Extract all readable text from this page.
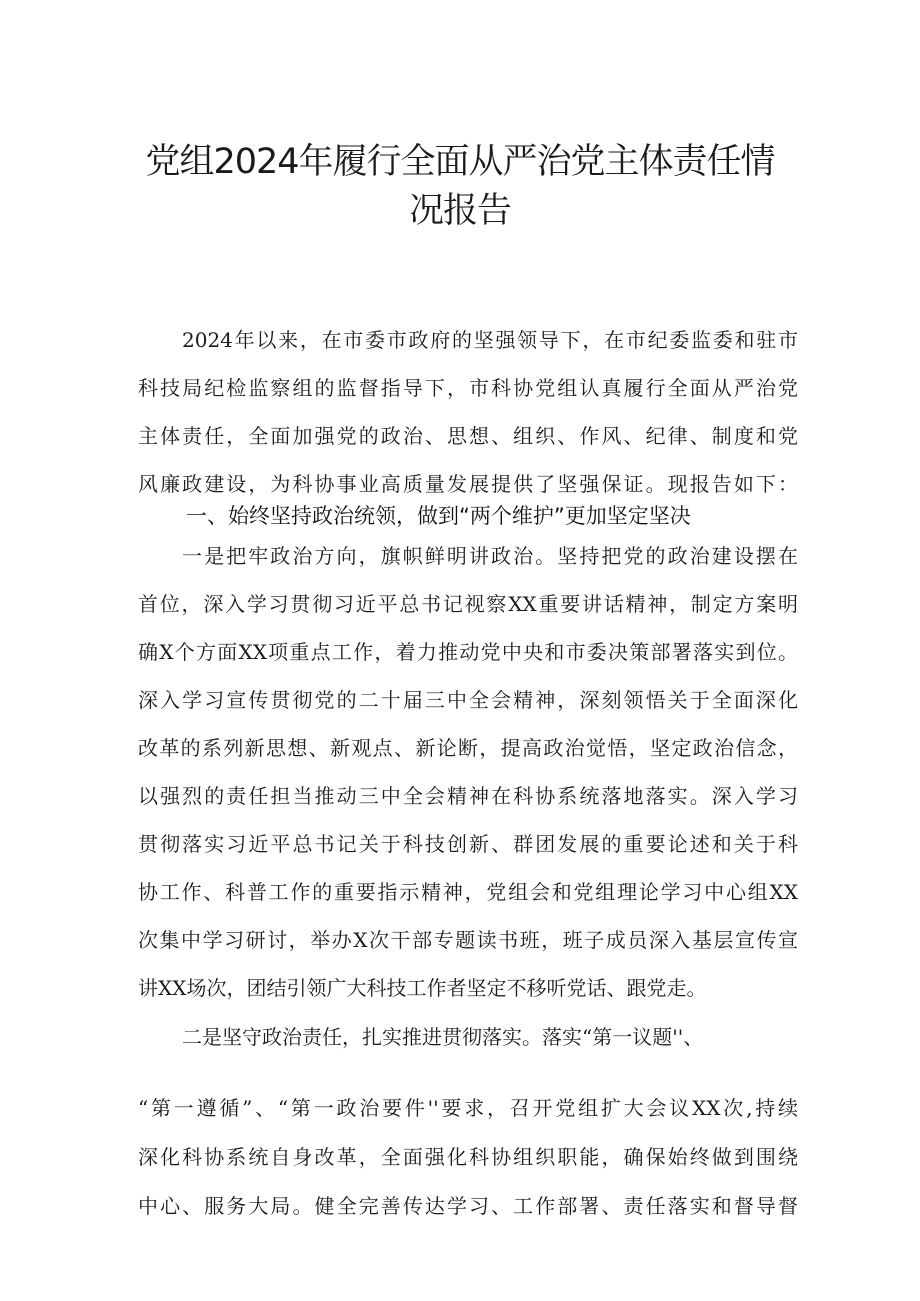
党组2024年履行全面从严治党主体责任情
况报告
2024年以来，在市委市政府的坚强领导下，在市纪委监委和驻市
科技局纪检监察组的监督指导下，市科协党组认真履行全面从严治党
主体责任，全面加强党的政治、思想、组织、作风、纪律、制度和党
风廉政建设，为科协事业高质量发展提供了坚强保证。现报告如下：
一、始终坚持政治统领，做到“两个维护”更加坚定坚决
一是把牢政治方向，旗帜鲜明讲政治。坚持把党的政治建设摆在
首位，深入学习贯彻习近平总书记视察XX重要讲话精神，制定方案明
确X个方面XX项重点工作，着力推动党中央和市委决策部署落实到位。
深入学习宣传贯彻党的二十届三中全会精神，深刻领悟关于全面深化
改革的系列新思想、新观点、新论断，提高政治觉悟，坚定政治信念，
以强烈的责任担当推动三中全会精神在科协系统落地落实。深入学习
贯彻落实习近平总书记关于科技创新、群团发展的重要论述和关于科
协工作、科普工作的重要指示精神，党组会和党组理论学习中心组XX
次集中学习研讨，举办X次干部专题读书班，班子成员深入基层宣传宣
讲XX场次，团结引领广大科技工作者坚定不移听党话、跟党走。
二是坚守政治责任，扎实推进贯彻落实。落实“第一议题''、
“第一遵循”、“第一政治要件''要求，召开党组扩大会议XX次,持续
深化科协系统自身改革，全面强化科协组织职能，确保始终做到围绕
中心、服务大局。健全完善传达学习、工作部署、责任落实和督导督
